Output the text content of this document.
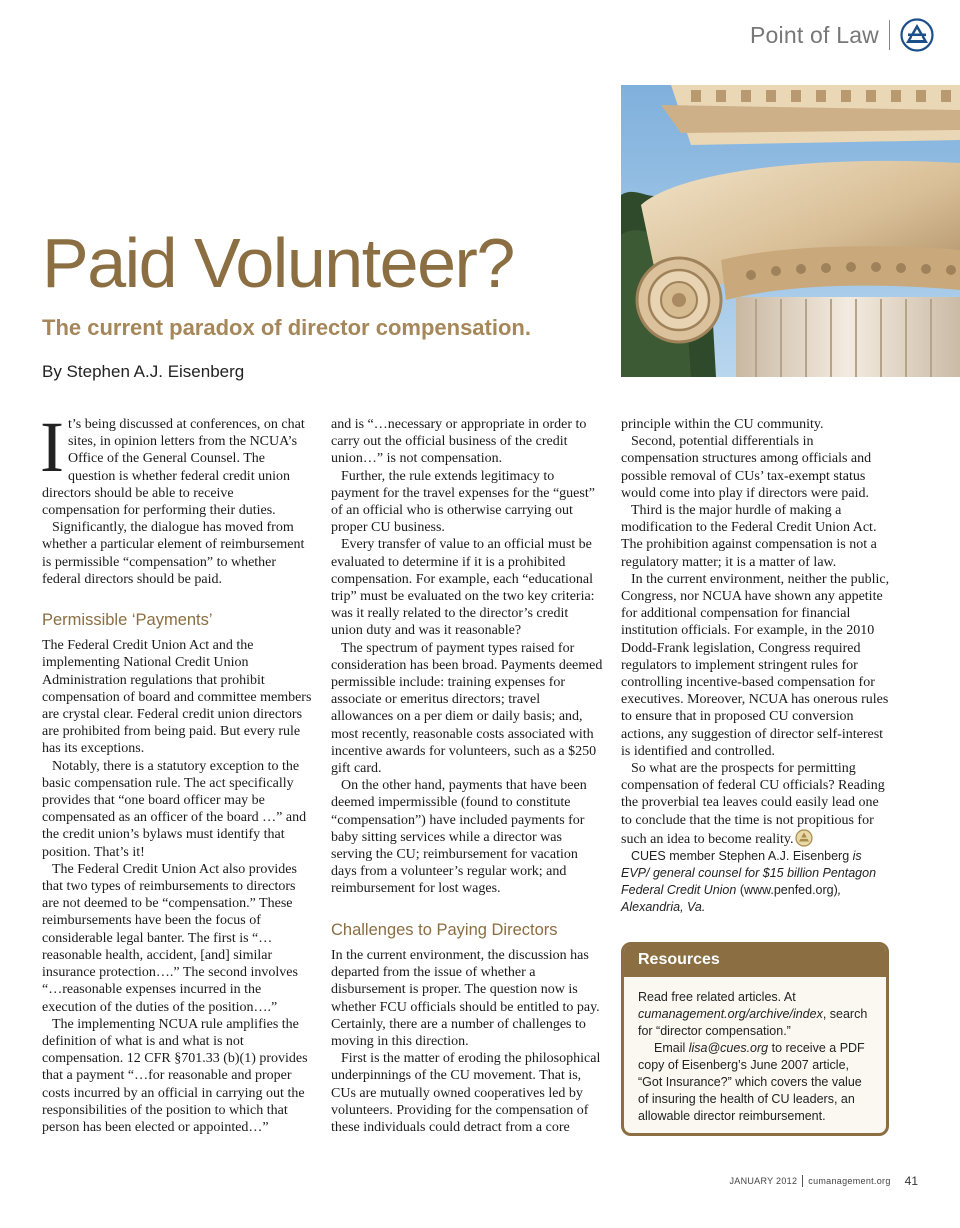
Point of Law
Paid Volunteer?
The current paradox of director compensation.

By Stephen A.J. Eisenberg

It’s being discussed at conferences, on chat sites, in opinion letters from the NCUA’s Office of the General Counsel. The question is whether federal credit union directors should be able to receive compensation for performing their duties.

Significantly, the dialogue has moved from whether a particular element of reimbursement is permissible “compensation” to whether federal directors should be paid.

Permissible ‘Payments’

The Federal Credit Union Act and the implementing National Credit Union Administration regulations that prohibit compensation of board and committee members are crystal clear. Federal credit union directors are prohibited from being paid. But every rule has its exceptions.

Notably, there is a statutory exception to the basic compensation rule. The act specifically provides that “one board officer may be compensated as an officer of the board …” and the credit union’s bylaws must identify that position. That’s it!

The Federal Credit Union Act also provides that two types of reimbursements to directors are not deemed to be “compensation.” These reimbursements have been the focus of considerable legal banter. The first is “…reasonable health, accident, [and] similar insurance protection….” The second involves “…reasonable expenses incurred in the execution of the duties of the position….”

The implementing NCUA rule amplifies the definition of what is and what is not compensation. 12 CFR §701.33 (b)(1) provides that a payment “…for reasonable and proper costs incurred by an official in carrying out the responsibilities of the position to which that person has been elected or appointed…”

and is “…necessary or appropriate in order to carry out the official business of the credit union…” is not compensation.

Further, the rule extends legitimacy to payment for the travel expenses for the “guest” of an official who is otherwise carrying out proper CU business.

Every transfer of value to an official must be evaluated to determine if it is a prohibited compensation. For example, each “educational trip” must be evaluated on the two key criteria: was it really related to the director’s credit union duty and was it reasonable?

The spectrum of payment types raised for consideration has been broad. Payments deemed permissible include: training expenses for associate or emeritus directors; travel allowances on a per diem or daily basis; and, most recently, reasonable costs associated with incentive awards for volunteers, such as a $250 gift card.

On the other hand, payments that have been deemed impermissible (found to constitute “compensation”) have included payments for baby sitting services while a director was serving the CU; reimbursement for vacation days from a volunteer’s regular work; and reimbursement for lost wages.

Challenges to Paying Directors

In the current environment, the discussion has departed from the issue of whether a disbursement is proper. The question now is whether FCU officials should be entitled to pay. Certainly, there are a number of challenges to moving in this direction.

First is the matter of eroding the philosophical underpinnings of the CU movement. That is, CUs are mutually owned cooperatives led by volunteers. Providing for the compensation of these individuals could detract from a core

principle within the CU community.

Second, potential differentials in compensation structures among officials and possible removal of CUs’ tax-exempt status would come into play if directors were paid.

Third is the major hurdle of making a modification to the Federal Credit Union Act. The prohibition against compensation is not a regulatory matter; it is a matter of law.

In the current environment, neither the public, Congress, nor NCUA have shown any appetite for additional compensation for financial institution officials. For example, in the 2010 Dodd-Frank legislation, Congress required regulators to implement stringent rules for controlling incentive-based compensation for executives. Moreover, NCUA has onerous rules to ensure that in proposed CU conversion actions, any suggestion of director self-interest is identified and controlled.

So what are the prospects for permitting compensation of federal CU officials? Reading the proverbial tea leaves could easily lead one to conclude that the time is not propitious for such an idea to become reality.

CUES member Stephen A.J. Eisenberg is EVP/ general counsel for $15 billion Pentagon Federal Credit Union (www.penfed.org), Alexandria, Va.

Resources

Read free related articles. At cumanagement.org/archive/index, search for “director compensation.”

Email lisa@cues.org to receive a PDF copy of Eisenberg’s June 2007 article, “Got Insurance?” which covers the value of insuring the health of CU leaders, an allowable director reimbursement.

JANUARY 2012 cumanagement.org 41
